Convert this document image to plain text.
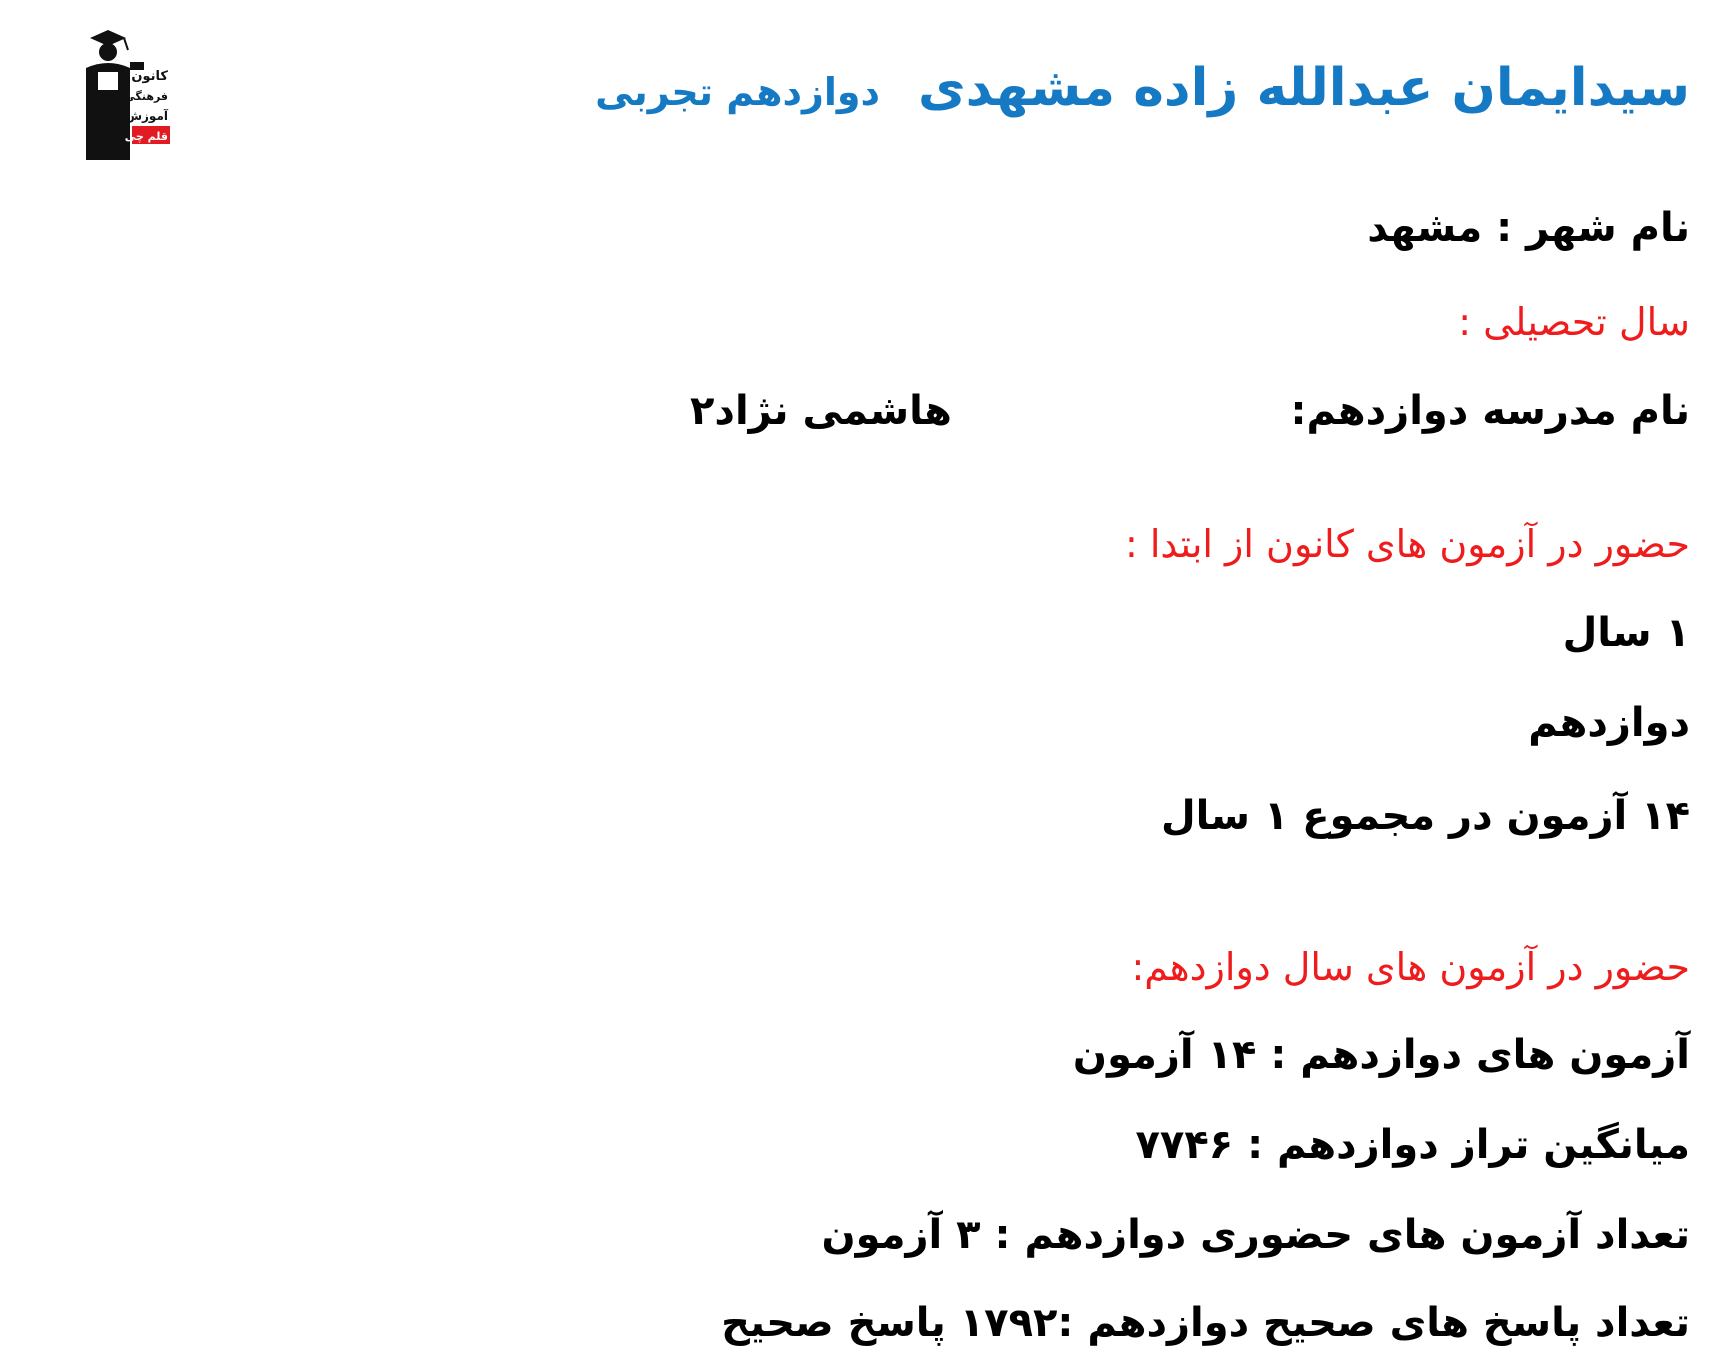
کانون
فرهنگی
آموزش
قلم چی
سیدایمان عبدالله زاده مشهدی
دوازدهم تجربی
نام شهر : مشهد
سال تحصیلی :
نام مدرسه دوازدهم:
هاشمی نژاد۲
حضور در آزمون های کانون از ابتدا :
۱ سال
دوازدهم
۱۴ آزمون در مجموع ۱ سال
حضور در آزمون های سال دوازدهم:
آزمون های دوازدهم : ۱۴ آزمون
میانگین تراز دوازدهم : ۷۷۴۶
تعداد آزمون های حضوری دوازدهم : ۳ آزمون
تعداد پاسخ های صحیح دوازدهم :۱۷۹۲ پاسخ صحیح
